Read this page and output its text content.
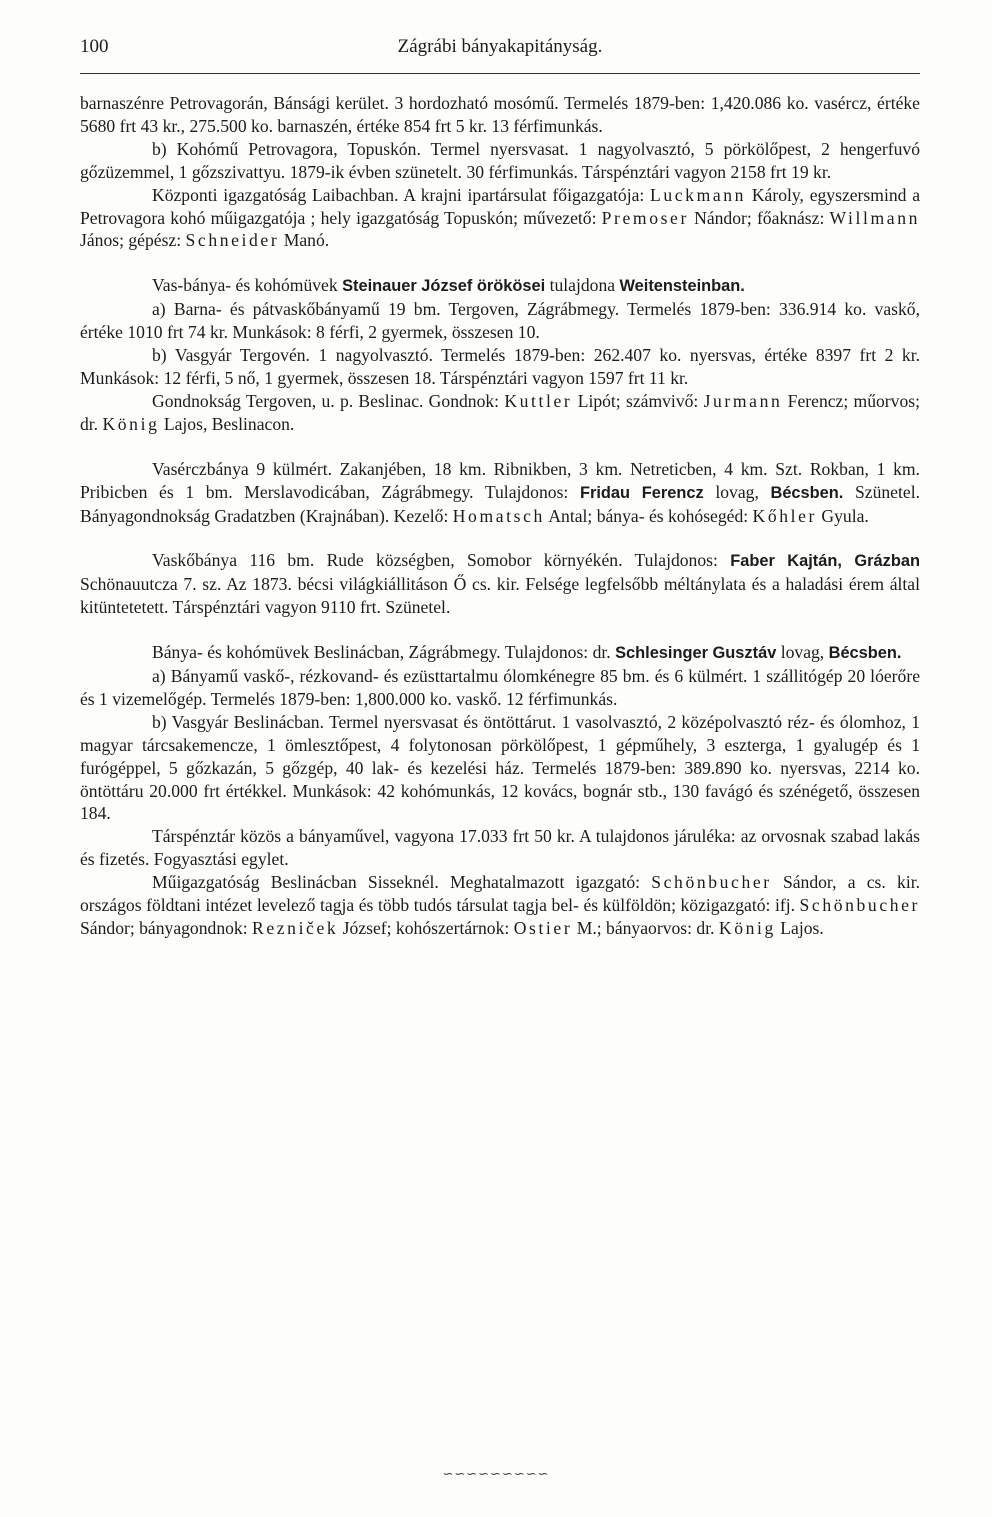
100	Zágrábi bányakapitányság.

barnaszénre Petrovagorán, Bánsági kerület. 3 hordozható mosómű. Termelés 1879-ben: 1,420.086 ko. vasércz, értéke 5680 frt 43 kr., 275.500 ko. barnaszén, értéke 854 frt 5 kr. 13 férfimunkás.

b) Kohómű Petrovagora, Topuskón. Termel nyersvasat. 1 nagyolvasztó, 5 pörkölőpest, 2 hengerfuvó gőzüzemmel, 1 gőzszivattyu. 1879-ik évben szünetelt. 30 férfimunkás. Társpénztári vagyon 2158 frt 19 kr.

Központi igazgatóság Laibachban. A krajni ipartársulat főigazgatója: Luckmann Károly, egyszersmind a Petrovagora kohó műigazgatója ; hely igazgatóság Topuskón; művezető: Premoser Nándor; főaknász: Willmann János; gépész: Schneider Manó.

Vas-bánya- és kohómüvek Steinauer József örökösei tulajdona Weitensteinban.

a) Barna- és pátvaskőbányamű 19 bm. Tergoven, Zágrábmegy. Termelés 1879-ben: 336.914 ko. vaskő, értéke 1010 frt 74 kr. Munkások: 8 férfi, 2 gyermek, összesen 10.

b) Vasgyár Tergovén. 1 nagyolvasztó. Termelés 1879-ben: 262.407 ko. nyersvas, értéke 8397 frt 2 kr. Munkások: 12 férfi, 5 nő, 1 gyermek, összesen 18. Társpénztári vagyon 1597 frt 11 kr.

Gondnokság Tergoven, u. p. Beslinac. Gondnok: Kuttler Lipót; számvivő: Jurmann Ferencz; műorvos; dr. König Lajos, Beslinacon.

Vasérczbánya 9 külmért. Zakanjében, 18 km. Ribnikben, 3 km. Netreticben, 4 km. Szt. Rokban, 1 km. Pribicben és 1 bm. Merslavodicában, Zágrábmegy. Tulajdonos: Fridau Ferencz lovag, Bécsben. Szünetel. Bányagondnokság Gradatzben (Krajnában). Kezelő: Homatsch Antal; bánya- és kohósegéd: Kőhler Gyula.

Vaskőbánya 116 bm. Rude községben, Somobor környékén. Tulajdonos: Faber Kajtán, Grázban Schönauutcza 7. sz. Az 1873. bécsi világkiállitáson Ő cs. kir. Felsége legfelsőbb méltánylata és a haladási érem által kitüntetetett. Társpénztári vagyon 9110 frt. Szünetel.

Bánya- és kohómüvek Beslinácban, Zágrábmegy. Tulajdonos: dr. Schlesinger Gusztáv lovag, Bécsben.

a) Bányamű vaskő-, rézkovand- és ezüsttartalmu ólomkénegre 85 bm. és 6 külmért. 1 szállitógép 20 lóerőre és 1 vizemelőgép. Termelés 1879-ben: 1,800.000 ko. vaskő. 12 férfimunkás.

b) Vasgyár Beslinácban. Termel nyersvasat és öntöttárut. 1 vasolvasztó, 2 középolvasztó réz- és ólomhoz, 1 magyar tárcsakemencze, 1 ömlesztőpest, 4 folytonosan pörkölőpest, 1 gépműhely, 3 eszterga, 1 gyalugép és 1 furógéppel, 5 gőzkazán, 5 gőzgép, 40 lak- és kezelési ház. Termelés 1879-ben: 389.890 ko. nyersvas, 2214 ko. öntöttáru 20.000 frt értékkel. Munkások: 42 kohómunkás, 12 kovács, bognár stb., 130 favágó és szénégető, összesen 184.

Társpénztár közös a bányaművel, vagyona 17.033 frt 50 kr. A tulajdonos járuléka: az orvosnak szabad lakás és fizetés. Fogyasztási egylet.

Műigazgatóság Beslinácban Sisseknél. Meghatalmazott igazgató: Schönbucher Sándor, a cs. kir. országos földtani intézet levelező tagja és több tudós társulat tagja bel- és külföldön; közigazgató: ifj. Schönbucher Sándor; bányagondnok: Rezniček József; kohószertárnok: Ostier M.; bányaorvos: dr. König Lajos.

∽∽∽∽∽∽∽∽∽
